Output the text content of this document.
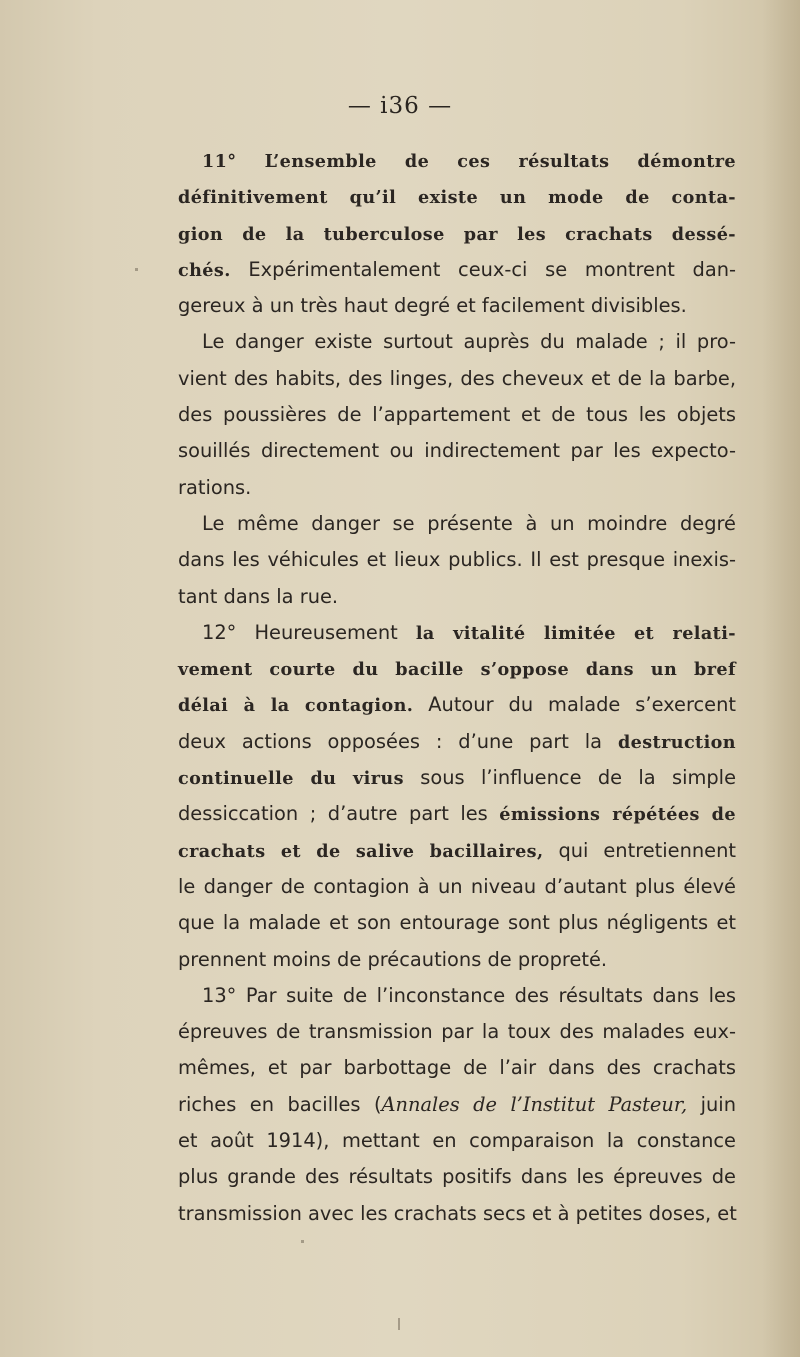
— i36 —
11° L’ensemble de ces résultats démontre
définitivement qu’il existe un mode de conta-
gion de la tuberculose par les crachats dessé-
chés. Expérimentalement ceux-ci se montrent dan-
gereux à un très haut degré et facilement divisibles.
Le danger existe surtout auprès du malade ; il pro-
vient des habits, des linges, des cheveux et de la barbe,
des poussières de l’appartement et de tous les objets
souillés directement ou indirectement par les expecto-
rations.
Le même danger se présente à un moindre degré
dans les véhicules et lieux publics. Il est presque inexis-
tant dans la rue.
12° Heureusement la vitalité limitée et relati-
vement courte du bacille s’oppose dans un bref
délai à la contagion. Autour du malade s’exercent
deux actions opposées : d’une part la destruction
continuelle du virus sous l’influence de la simple
dessiccation ; d’autre part les émissions répétées de
crachats et de salive bacillaires, qui entretiennent
le danger de contagion à un niveau d’autant plus élevé
que la malade et son entourage sont plus négligents et
prennent moins de précautions de propreté.
13° Par suite de l’inconstance des résultats dans les
épreuves de transmission par la toux des malades eux-
mêmes, et par barbottage de l’air dans des crachats
riches en bacilles (Annales de l’Institut Pasteur, juin
et août 1914), mettant en comparaison la constance
plus grande des résultats positifs dans les épreuves de
transmission avec les crachats secs et à petites doses, et
